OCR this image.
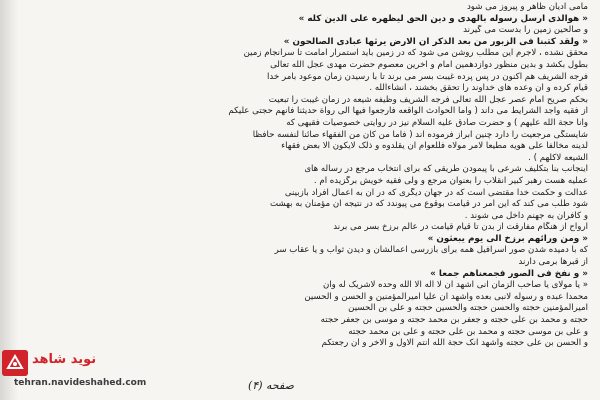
مامی ادیان ظاهر و پیروز می شود
« هوالذی ارسل رسوله بالهدی و دین الحق لیظهره علی الدین کله »
و صالحین زمین را بدست می گیرند
« ولقد کتبنا فی الزبور من بعد الذکر ان الارض یرثها عبادی الصالحون »
محقق نشده ، لاجرم این مطلب روشن می شود که در زمین باید استمرار امامت تا سرانجام زمین
بطول بکشد و بدین منظور دوازدهمین امام و آخرین معصوم حضرت مهدی عجل الله تعالی
فرجه الشریف هم اکنون در پس پرده غیبت بسر می برند تا با رسیدن زمان موعود بامر خدا
قیام کرده و آن وعده های خداوند را تحقق بخشند ، انشاءالله .
بحکم صریح امام عصر عجل الله تعالی فرجه الشریف وظیفه شیعه در زمان غیبت را تبعیت
از فقیه واجد الشرایط می داند ( واما الحوادث الواقعه فارجعوا فیها الی رواة حدیثنا فانهم حجتی علیکم
وانا حجة الله علیهم ) و حضرت صادق علیه السلام نیز در روایتی خصوصیات فقیهی که
شایستگی مرجعیت را دارد چنین ابراز فرموده اند ( فاما من کان من الفقهاء صائنا لنفسه حافظا
لدینه مخالفا علی هویه مطیعا لامر مولاه فللعوام ان یقلدوه و ذلک لایکون الا بعض فقهاء
الشیعه لاکلهم ) .
اینجانب بنا بتکلیف شرعی با پیمودن طریقی که برای انتخاب مرجع در رساله های
عملیه هست رهبر کبیر انقلاب را بعنوان مرجع و ولی فقیه خویش برگزیده ام .
عدالت و حکمت خدا مقتضی است که در جهان دیگری که در آن به اعمال افراد بازبینی
شود طلب می کند که این امر در قیامت بوقوع می پیوندد که در نتیجه آن مؤمنان به بهشت
و کافران به جهنم داخل می شوند .
ارواح از هنگام مفارقت از بدن تا قیام قیامت در عالم برزخ بسر می برند
« ومن ورائهم برزخ الی یوم یبعثون »
که با دمیده شدن صور اسرافیل همه برای بازرسی اعمالشان و دیدن ثواب و یا عقاب سر
از قبرها برمی دارند
« و نفخ فی الصور فجمعناهم جمعا »
« یا مولای یا صاحب الزمان انی اشهد ان لا اله الا الله وحده لاشریک له وان
محمدا عبده و رسوله لانبی بعده واشهد ان علیا امیرالمؤمنین و الحسن و الحسین
امیرالمؤمنین حجته والحسن حجته والحسین حجته و علی بن الحسین
حجته و محمد بن علی حجته و جعفر بن محمد حجته و موسی بن جعفر حجته
و علی بن موسی حجته و محمد بن علی حجته و علی بن محمد حجته
و الحسن بن علی حجته واشهد انک حجة الله انتم الاول و الاخر و ان رجعتکم
نوید شاهد
tehran.navideshahed.com	صفحه (۴)
